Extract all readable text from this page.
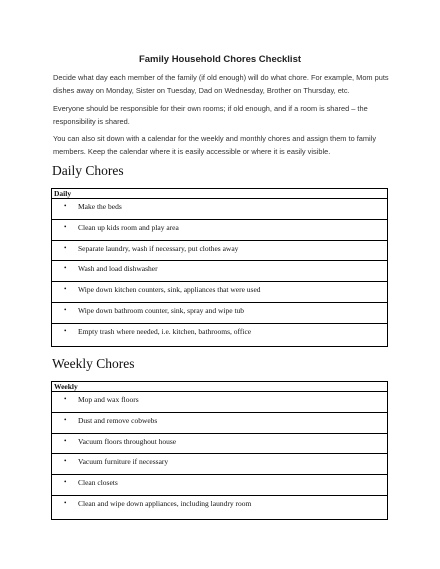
Family Household Chores Checklist

Decide what day each member of the family (if old enough) will do what chore. For example, Mom puts dishes away on Monday, Sister on Tuesday, Dad on Wednesday, Brother on Thursday, etc.

Everyone should be responsible for their own rooms; if old enough, and if a room is shared – the responsibility is shared.

You can also sit down with a calendar for the weekly and monthly chores and assign them to family members. Keep the calendar where it is easily accessible or where it is easily visible.

Daily Chores
Daily
• Make the beds
• Clean up kids room and play area
• Separate laundry, wash if necessary, put clothes away
• Wash and load dishwasher
• Wipe down kitchen counters, sink, appliances that were used
• Wipe down bathroom counter, sink, spray and wipe tub
• Empty trash where needed, i.e. kitchen, bathrooms, office
Weekly Chores
Weekly
• Mop and wax floors
• Dust and remove cobwebs
• Vacuum floors throughout house
• Vacuum furniture if necessary
• Clean closets
• Clean and wipe down appliances, including laundry room
